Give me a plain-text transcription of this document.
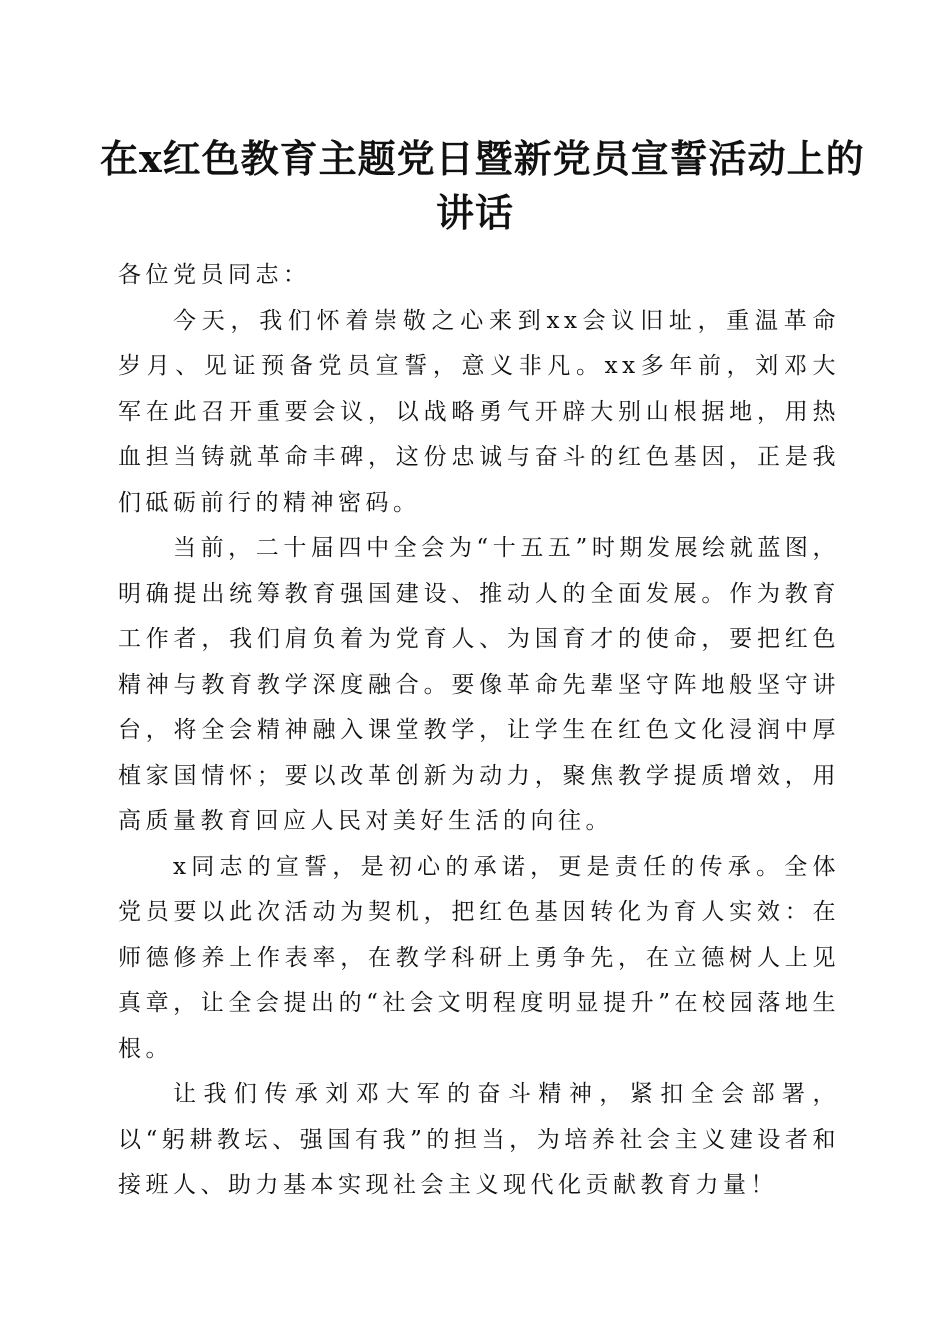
在x红色教育主题党日暨新党员宣誓活动上的
讲话

各位党员同志：

今天，我们怀着崇敬之心来到xx会议旧址，重温革命岁月、见证预备党员宣誓，意义非凡。xx多年前，刘邓大军在此召开重要会议，以战略勇气开辟大别山根据地，用热血担当铸就革命丰碑，这份忠诚与奋斗的红色基因，正是我们砥砺前行的精神密码。

当前，二十届四中全会为“十五五”时期发展绘就蓝图，明确提出统筹教育强国建设、推动人的全面发展。作为教育工作者，我们肩负着为党育人、为国育才的使命，要把红色精神与教育教学深度融合。要像革命先辈坚守阵地般坚守讲台，将全会精神融入课堂教学，让学生在红色文化浸润中厚植家国情怀；要以改革创新为动力，聚焦教学提质增效，用高质量教育回应人民对美好生活的向往。

x同志的宣誓，是初心的承诺，更是责任的传承。全体党员要以此次活动为契机，把红色基因转化为育人实效：在师德修养上作表率，在教学科研上勇争先，在立德树人上见真章，让全会提出的“社会文明程度明显提升”在校园落地生根。

让我们传承刘邓大军的奋斗精神，紧扣全会部署，以“躬耕教坛、强国有我”的担当，为培养社会主义建设者和接班人、助力基本实现社会主义现代化贡献教育力量！
